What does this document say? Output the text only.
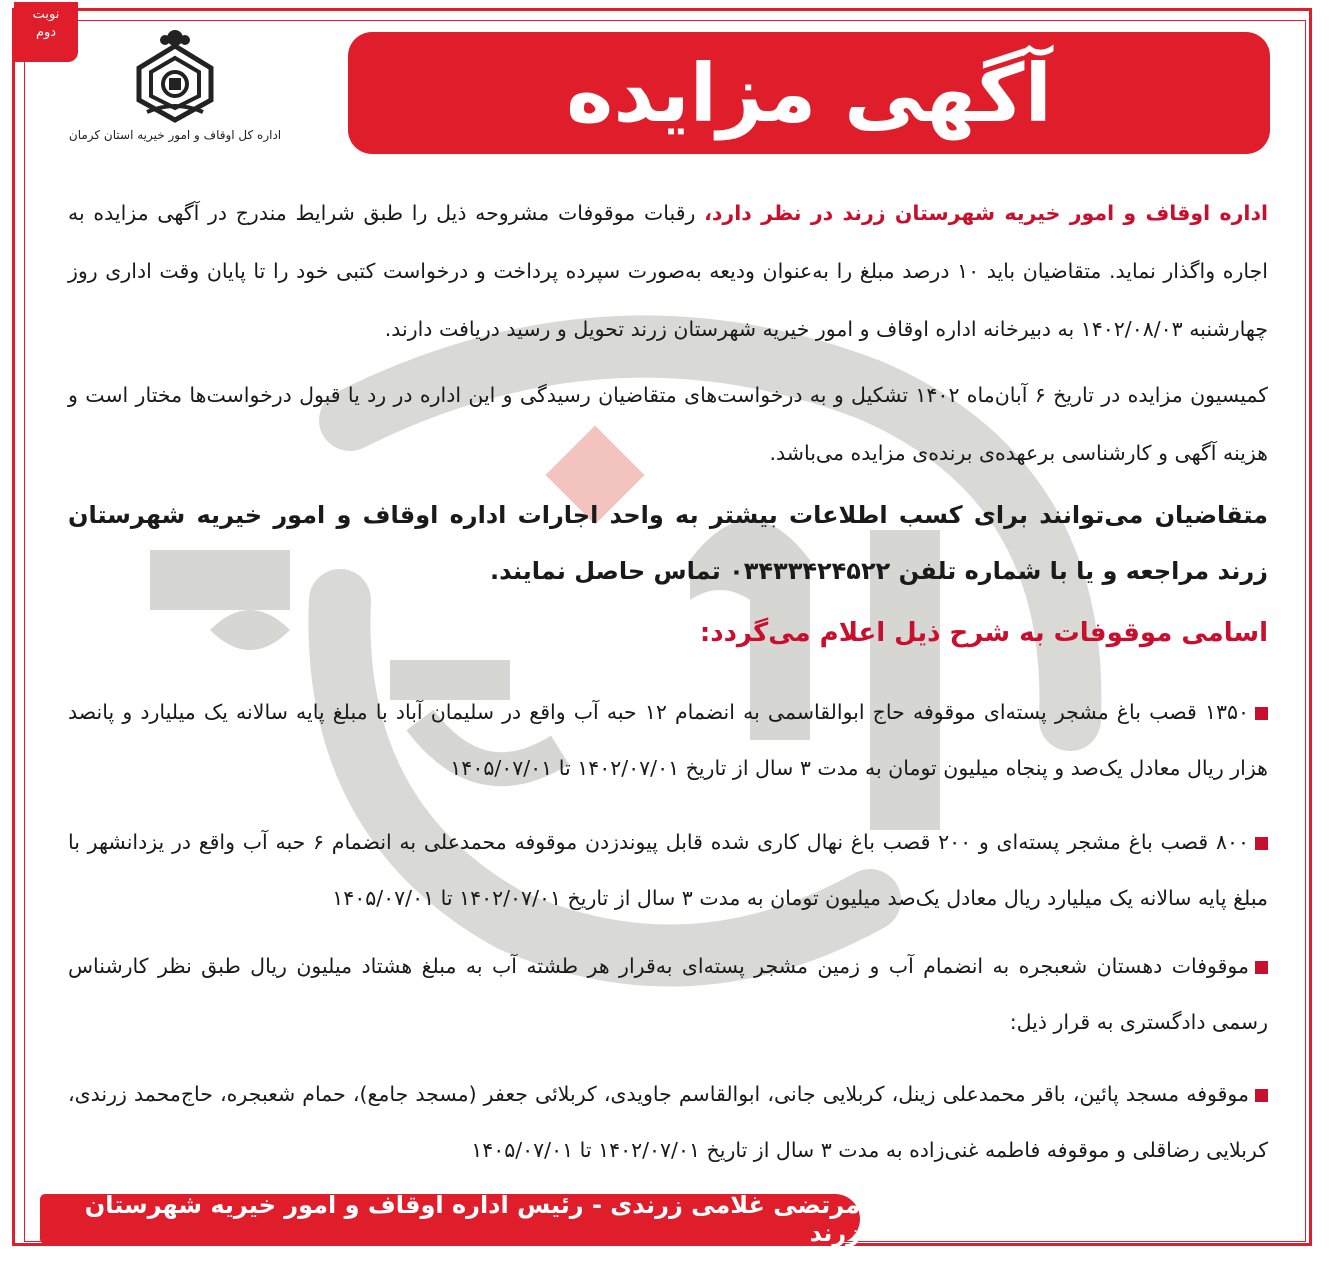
نوبت
دوم
اداره کل اوقاف و امور خیریه استان کرمان	آگهی مزایده

اداره اوقاف و امور خیریه شهرستان زرند در نظر دارد، رقبات موقوفات مشروحه ذیل را طبق شرایط مندرج در آگهی مزایده به اجاره واگذار نماید. متقاضیان باید ۱۰ درصد مبلغ را به‌عنوان ودیعه به‌صورت سپرده پرداخت و درخواست کتبی خود را تا پایان وقت اداری روز چهارشنبه ۱۴۰۲/۰۸/۰۳ به دبیرخانه اداره اوقاف و امور خیریه شهرستان زرند تحویل و رسید دریافت دارند.

کمیسیون مزایده در تاریخ ۶ آبان‌ماه ۱۴۰۲ تشکیل و به درخواست‌های متقاضیان رسیدگی و این اداره در رد یا قبول درخواست‌ها مختار است و هزینه آگهی و کارشناسی برعهده‌ی برنده‌ی مزایده می‌باشد.

متقاضیان می‌توانند برای کسب اطلاعات بیشتر به واحد اجارات اداره اوقاف و امور خیریه شهرستان زرند مراجعه و یا با شماره تلفن ۰۳۴۳۳۴۲۴۵۲۲ تماس حاصل نمایند.

اسامی موقوفات به شرح ذیل اعلام می‌گردد:
۱۳۵۰ قصب باغ مشجر پسته‌ای موقوفه حاج ابوالقاسمی به انضمام ۱۲ حبه آب واقع در سلیمان آباد با مبلغ پایه سالانه یک میلیارد و پانصد هزار ریال معادل یک‌صد و پنجاه میلیون تومان به مدت ۳ سال از تاریخ ۱۴۰۲/۰۷/۰۱ تا ۱۴۰۵/۰۷/۰۱
۸۰۰ قصب باغ مشجر پسته‌ای و ۲۰۰ قصب باغ نهال کاری شده قابل پیوندزدن موقوفه محمدعلی به انضمام ۶ حبه آب واقع در یزدانشهر با مبلغ پایه سالانه یک میلیارد ریال معادل یک‌صد میلیون تومان به مدت ۳ سال از تاریخ ۱۴۰۲/۰۷/۰۱ تا ۱۴۰۵/۰۷/۰۱
موقوفات دهستان شعبجره به انضمام آب و زمین مشجر پسته‌ای به‌قرار هر طشته آب به مبلغ هشتاد میلیون ریال طبق نظر کارشناس رسمی دادگستری به قرار ذیل:
موقوفه مسجد پائین، باقر محمدعلی زینل، کربلایی جانی، ابوالقاسم جاویدی، کربلائی جعفر (مسجد جامع)، حمام شعبجره، حاج‌محمد زرندی، کربلایی رضاقلی و موقوفه فاطمه غنی‌زاده به مدت ۳ سال از تاریخ ۱۴۰۲/۰۷/۰۱ تا ۱۴۰۵/۰۷/۰۱
مرتضی غلامی زرندی - رئیس اداره اوقاف و امور خیریه شهرستان زرند
